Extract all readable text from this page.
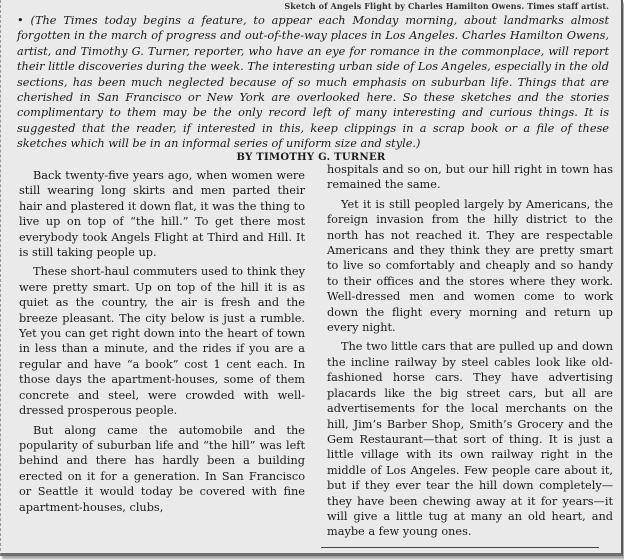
Sketch of Angels Flight by Charles Hamilton Owens. Times staff artist.
• (The Times today begins a feature, to appear each Monday morning, about landmarks almost forgotten in the march of progress and out-of-the-way places in Los Angeles. Charles Hamilton Owens, artist, and Timothy G. Turner, reporter, who have an eye for romance in the commonplace, will report their little discoveries during the week. The interesting urban side of Los Angeles, especially in the old sections, has been much neglected because of so much emphasis on suburban life. Things that are cherished in San Francisco or New York are overlooked here. So these sketches and the stories complimentary to them may be the only record left of many interesting and curious things. It is suggested that the reader, if interested in this, keep clippings in a scrap book or a file of these sketches which will be in an informal series of uniform size and style.)
BY TIMOTHY G. TURNER

Back twenty-five years ago, when women were still wearing long skirts and men parted their hair and plastered it down flat, it was the thing to live up on top of “the hill.” To get there most everybody took Angels Flight at Third and Hill. It is still taking people up.

These short-haul commuters used to think they were pretty smart. Up on top of the hill it is as quiet as the country, the air is fresh and the breeze pleasant. The city below is just a rumble. Yet you can get right down into the heart of town in less than a minute, and the rides if you are a regular and have “a book” cost 1 cent each. In those days the apartment-houses, some of them concrete and steel, were crowded with well-dressed prosperous people.

But along came the automobile and the popularity of suburban life and “the hill” was left behind and there has hardly been a building erected on it for a generation. In San Francisco or Seattle it would today be covered with fine apartment-houses, clubs,

hospitals and so on, but our hill right in town has remained the same.

Yet it is still peopled largely by Americans, the foreign invasion from the hilly district to the north has not reached it. They are respectable Americans and they think they are pretty smart to live so comfortably and cheaply and so handy to their offices and the stores where they work. Well-dressed men and women come to work down the flight every morning and return up every night.

The two little cars that are pulled up and down the incline railway by steel cables look like old-fashioned horse cars. They have advertising placards like the big street cars, but all are advertisements for the local merchants on the hill, Jim’s Barber Shop, Smith’s Grocery and the Gem Restaurant—that sort of thing. It is just a little village with its own railway right in the middle of Los Angeles. Few people care about it, but if they ever tear the hill down completely—they have been chewing away at it for years—it will give a little tug at many an old heart, and maybe a few young ones.
